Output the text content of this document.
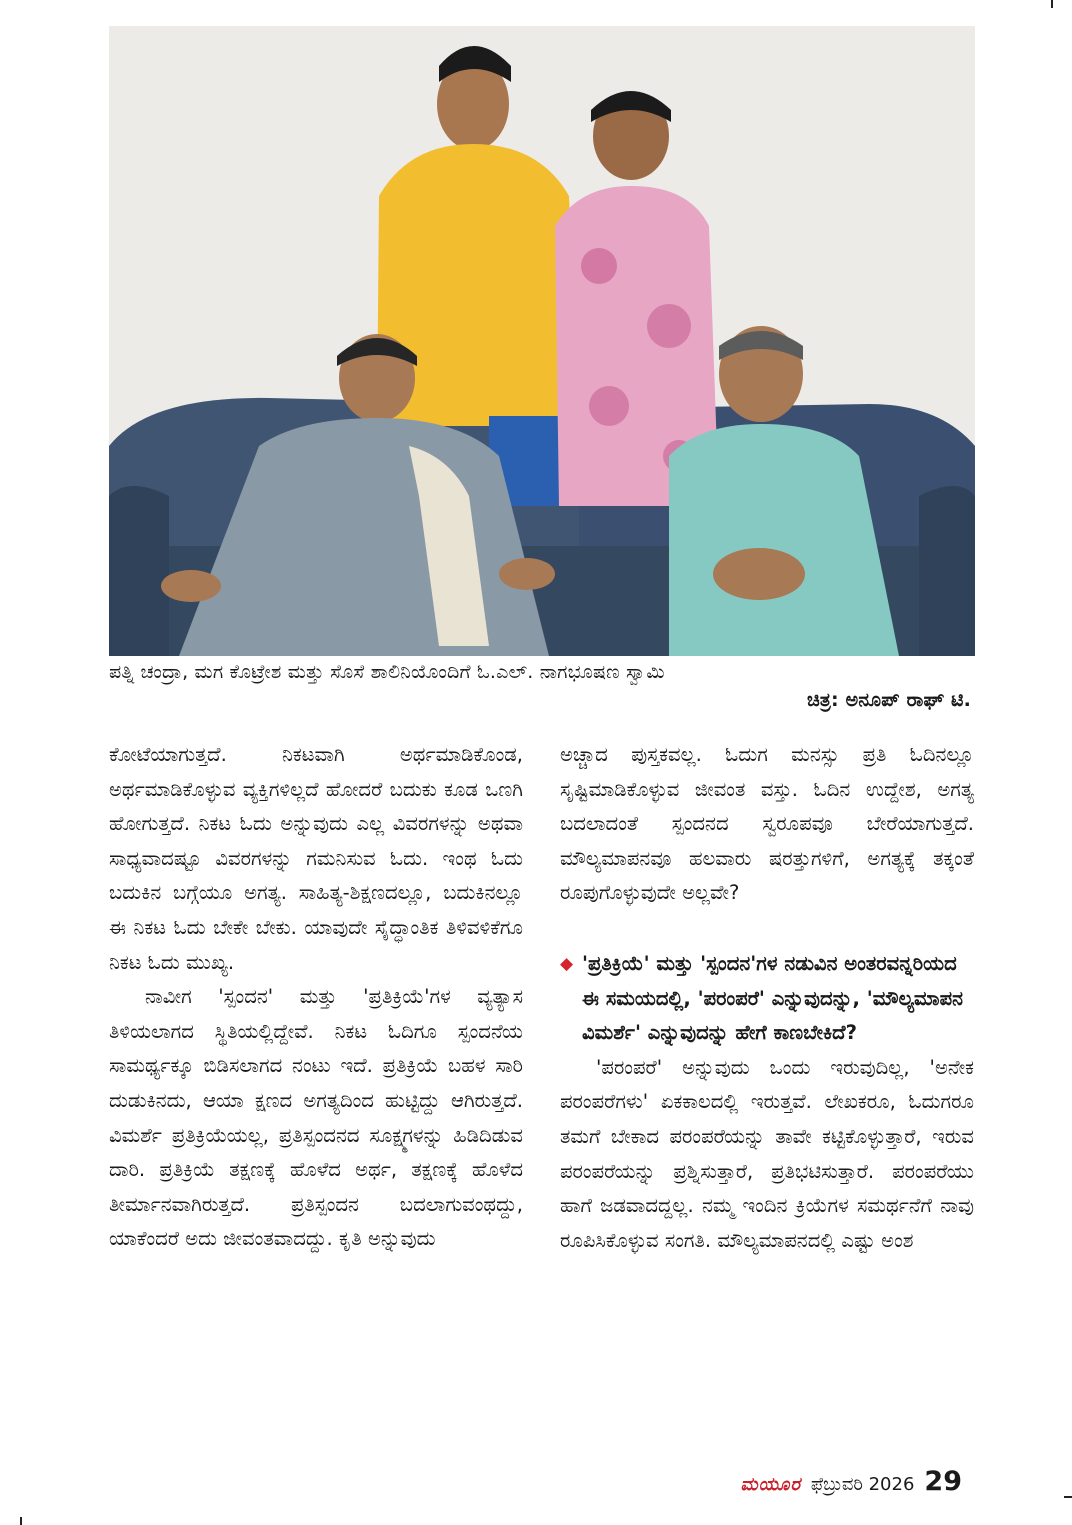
ಪತ್ನಿ ಚಂದ್ರಾ, ಮಗ ಕೊಟ್ರೇಶ ಮತ್ತು ಸೊಸೆ ಶಾಲಿನಿಯೊಂದಿಗೆ ಓ.ಎಲ್. ನಾಗಭೂಷಣ ಸ್ವಾಮಿ
ಚಿತ್ರ: ಅನೂಪ್ ರಾಘ್ ಟಿ.

ಕೋಟೆಯಾಗುತ್ತದೆ. ನಿಕಟವಾಗಿ ಅರ್ಥಮಾಡಿಕೊಂಡ, ಅರ್ಥಮಾಡಿಕೊಳ್ಳುವ ವ್ಯಕ್ತಿಗಳಿಲ್ಲದೆ ಹೋದರೆ ಬದುಕು ಕೂಡ ಒಣಗಿ ಹೋಗುತ್ತದೆ. ನಿಕಟ ಓದು ಅನ್ನುವುದು ಎಲ್ಲ ವಿವರಗಳನ್ನು ಅಥವಾ ಸಾಧ್ಯವಾದಷ್ಟೂ ವಿವರಗಳನ್ನು ಗಮನಿಸುವ ಓದು. ಇಂಥ ಓದು ಬದುಕಿನ ಬಗ್ಗೆಯೂ ಅಗತ್ಯ. ಸಾಹಿತ್ಯ-ಶಿಕ್ಷಣದಲ್ಲೂ, ಬದುಕಿನಲ್ಲೂ ಈ ನಿಕಟ ಓದು ಬೇಕೇ ಬೇಕು. ಯಾವುದೇ ಸೈದ್ಧಾಂತಿಕ ತಿಳಿವಳಿಕೆಗೂ ನಿಕಟ ಓದು ಮುಖ್ಯ.

ನಾವೀಗ 'ಸ್ಪಂದನ' ಮತ್ತು 'ಪ್ರತಿಕ್ರಿಯೆ'ಗಳ ವ್ಯತ್ಯಾಸ ತಿಳಿಯಲಾಗದ ಸ್ಥಿತಿಯಲ್ಲಿದ್ದೇವೆ. ನಿಕಟ ಓದಿಗೂ ಸ್ಪಂದನೆಯ ಸಾಮರ್ಥ್ಯಕ್ಕೂ ಬಿಡಿಸಲಾಗದ ನಂಟು ಇದೆ. ಪ್ರತಿಕ್ರಿಯೆ ಬಹಳ ಸಾರಿ ದುಡುಕಿನದು, ಆಯಾ ಕ್ಷಣದ ಅಗತ್ಯದಿಂದ ಹುಟ್ಟಿದ್ದು ಆಗಿರುತ್ತದೆ. ವಿಮರ್ಶೆ ಪ್ರತಿಕ್ರಿಯೆಯಲ್ಲ, ಪ್ರತಿಸ್ಪಂದನದ ಸೂಕ್ಷ್ಮಗಳನ್ನು ಹಿಡಿದಿಡುವ ದಾರಿ. ಪ್ರತಿಕ್ರಿಯೆ ತಕ್ಷಣಕ್ಕೆ ಹೊಳೆದ ಅರ್ಥ, ತಕ್ಷಣಕ್ಕೆ ಹೊಳೆದ ತೀರ್ಮಾನವಾಗಿರುತ್ತದೆ. ಪ್ರತಿಸ್ಪಂದನ ಬದಲಾಗುವಂಥದ್ದು, ಯಾಕೆಂದರೆ ಅದು ಜೀವಂತವಾದದ್ದು. ಕೃತಿ ಅನ್ನುವುದು

ಅಚ್ಚಾದ ಪುಸ್ತಕವಲ್ಲ. ಓದುಗ ಮನಸ್ಸು ಪ್ರತಿ ಓದಿನಲ್ಲೂ ಸೃಷ್ಟಿಮಾಡಿಕೊಳ್ಳುವ ಜೀವಂತ ವಸ್ತು. ಓದಿನ ಉದ್ದೇಶ, ಅಗತ್ಯ ಬದಲಾದಂತೆ ಸ್ಪಂದನದ ಸ್ವರೂಪವೂ ಬೇರೆಯಾಗುತ್ತದೆ. ಮೌಲ್ಯಮಾಪನವೂ ಹಲವಾರು ಷರತ್ತುಗಳಿಗೆ, ಅಗತ್ಯಕ್ಕೆ ತಕ್ಕಂತೆ ರೂಪುಗೊಳ್ಳುವುದೇ ಅಲ್ಲವೇ?

◆ 'ಪ್ರತಿಕ್ರಿಯೆ' ಮತ್ತು 'ಸ್ಪಂದನ'ಗಳ ನಡುವಿನ ಅಂತರವನ್ನರಿಯದ ಈ ಸಮಯದಲ್ಲಿ, 'ಪರಂಪರೆ' ಎನ್ನುವುದನ್ನು, 'ಮೌಲ್ಯಮಾಪನ ವಿಮರ್ಶೆ' ಎನ್ನುವುದನ್ನು ಹೇಗೆ ಕಾಣಬೇಕಿದೆ?

'ಪರಂಪರೆ' ಅನ್ನುವುದು ಒಂದು ಇರುವುದಿಲ್ಲ, 'ಅನೇಕ ಪರಂಪರೆಗಳು' ಏಕಕಾಲದಲ್ಲಿ ಇರುತ್ತವೆ. ಲೇಖಕರೂ, ಓದುಗರೂ ತಮಗೆ ಬೇಕಾದ ಪರಂಪರೆಯನ್ನು ತಾವೇ ಕಟ್ಟಿಕೊಳ್ಳುತ್ತಾರೆ, ಇರುವ ಪರಂಪರೆಯನ್ನು ಪ್ರಶ್ನಿಸುತ್ತಾರೆ, ಪ್ರತಿಭಟಿಸುತ್ತಾರೆ. ಪರಂಪರೆಯು ಹಾಗೆ ಜಡವಾದದ್ದಲ್ಲ. ನಮ್ಮ ಇಂದಿನ ಕ್ರಿಯೆಗಳ ಸಮರ್ಥನೆಗೆ ನಾವು ರೂಪಿಸಿಕೊಳ್ಳುವ ಸಂಗತಿ. ಮೌಲ್ಯಮಾಪನದಲ್ಲಿ ಎಷ್ಟು ಅಂಶ

ಮಯೂರ ಫೆಬ್ರುವರಿ 2026 29
